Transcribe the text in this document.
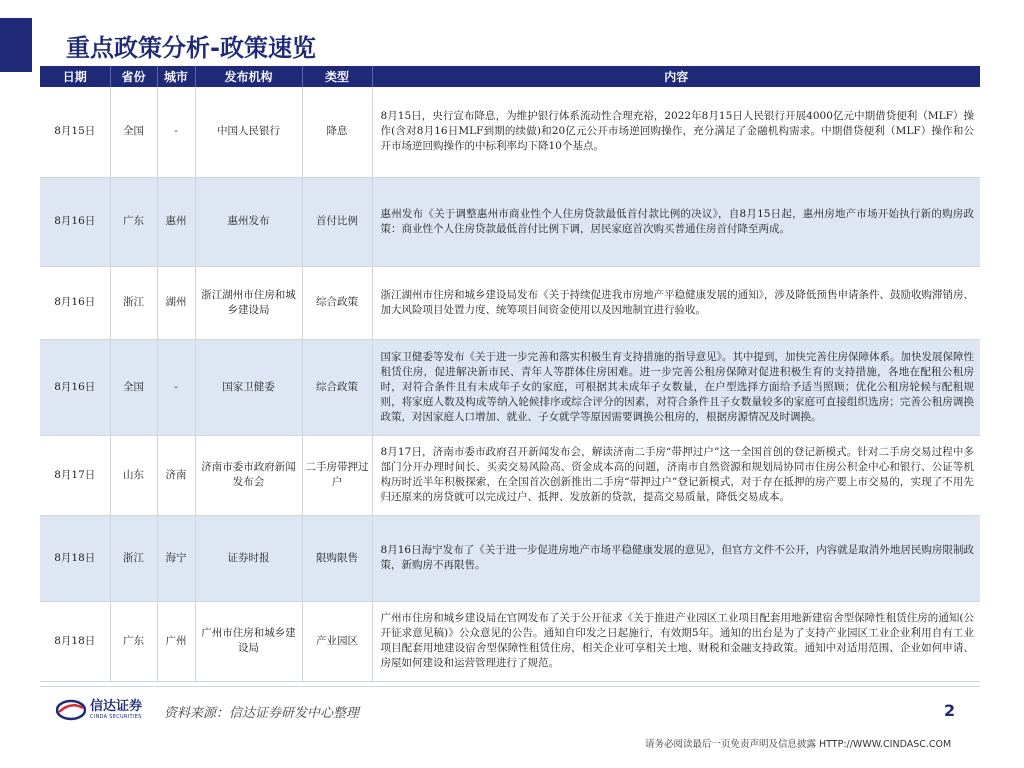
重点政策分析-政策速览
日期	省份	城市	发布机构	类型	内容
8月15日	全国	-	中国人民银行	降息	8月15日，央行宣布降息，为维护银行体系流动性合理充裕，2022年8月15日人民银行开展4000亿元中期借贷便利（MLF）操作(含对8月16日MLF到期的续做)和20亿元公开市场逆回购操作，充分满足了金融机构需求。中期借贷便利（MLF）操作和公开市场逆回购操作的中标利率均下降10个基点。
8月16日	广东	惠州	惠州发布	首付比例	惠州发布《关于调整惠州市商业性个人住房贷款最低首付款比例的决议》，自8月15日起，惠州房地产市场开始执行新的购房政策：商业性个人住房贷款最低首付比例下调，居民家庭首次购买普通住房首付降至两成。
8月16日	浙江	湖州	浙江湖州市住房和城乡建设局	综合政策	浙江湖州市住房和城乡建设局发布《关于持续促进我市房地产平稳健康发展的通知》，涉及降低预售申请条件、鼓励收购滞销房、加大风险项目处置力度、统筹项目间资金使用以及因地制宜进行验收。
8月16日	全国	-	国家卫健委	综合政策	国家卫健委等发布《关于进一步完善和落实积极生育支持措施的指导意见》。其中提到，加快完善住房保障体系。加快发展保障性租赁住房，促进解决新市民、青年人等群体住房困难。进一步完善公租房保障对促进积极生育的支持措施，各地在配租公租房时，对符合条件且有未成年子女的家庭，可根据其未成年子女数量，在户型选择方面给予适当照顾；优化公租房轮候与配租规则，将家庭人数及构成等纳入轮候排序或综合评分的因素，对符合条件且子女数量较多的家庭可直接组织选房；完善公租房调换政策，对因家庭人口增加、就业、子女就学等原因需要调换公租房的，根据房源情况及时调换。
8月17日	山东	济南	济南市委市政府新闻发布会	二手房带押过户	8月17日，济南市委市政府召开新闻发布会，解读济南二手房“带押过户”这一全国首创的登记新模式。针对二手房交易过程中多部门分开办理时间长、买卖交易风险高、资金成本高的问题，济南市自然资源和规划局协同市住房公积金中心和银行、公证等机构历时近半年积极探索，在全国首次创新推出二手房“带押过户”登记新模式，对于存在抵押的房产要上市交易的，实现了不用先归还原来的房贷就可以完成过户、抵押、发放新的贷款，提高交易质量，降低交易成本。
8月18日	浙江	海宁	证券时报	限购限售	8月16日海宁发布了《关于进一步促进房地产市场平稳健康发展的意见》，但官方文件不公开，内容就是取消外地居民购房限制政策，新购房不再限售。
8月18日	广东	广州	广州市住房和城乡建设局	产业园区	广州市住房和城乡建设局在官网发布了关于公开征求《关于推进产业园区工业项目配套用地新建宿舍型保障性租赁住房的通知(公开征求意见稿)》公众意见的公告。通知自印发之日起施行，有效期5年。通知的出台是为了支持产业园区工业企业利用自有工业项目配套用地建设宿舍型保障性租赁住房，相关企业可享相关土地、财税和金融支持政策。通知中对适用范围、企业如何申请、房屋如何建设和运营管理进行了规范。
信达证券
CINDA SECURITIES 资料来源：信达证券研发中心整理	2
请务必阅读最后一页免责声明及信息披露 HTTP://WWW.CINDASC.COM
